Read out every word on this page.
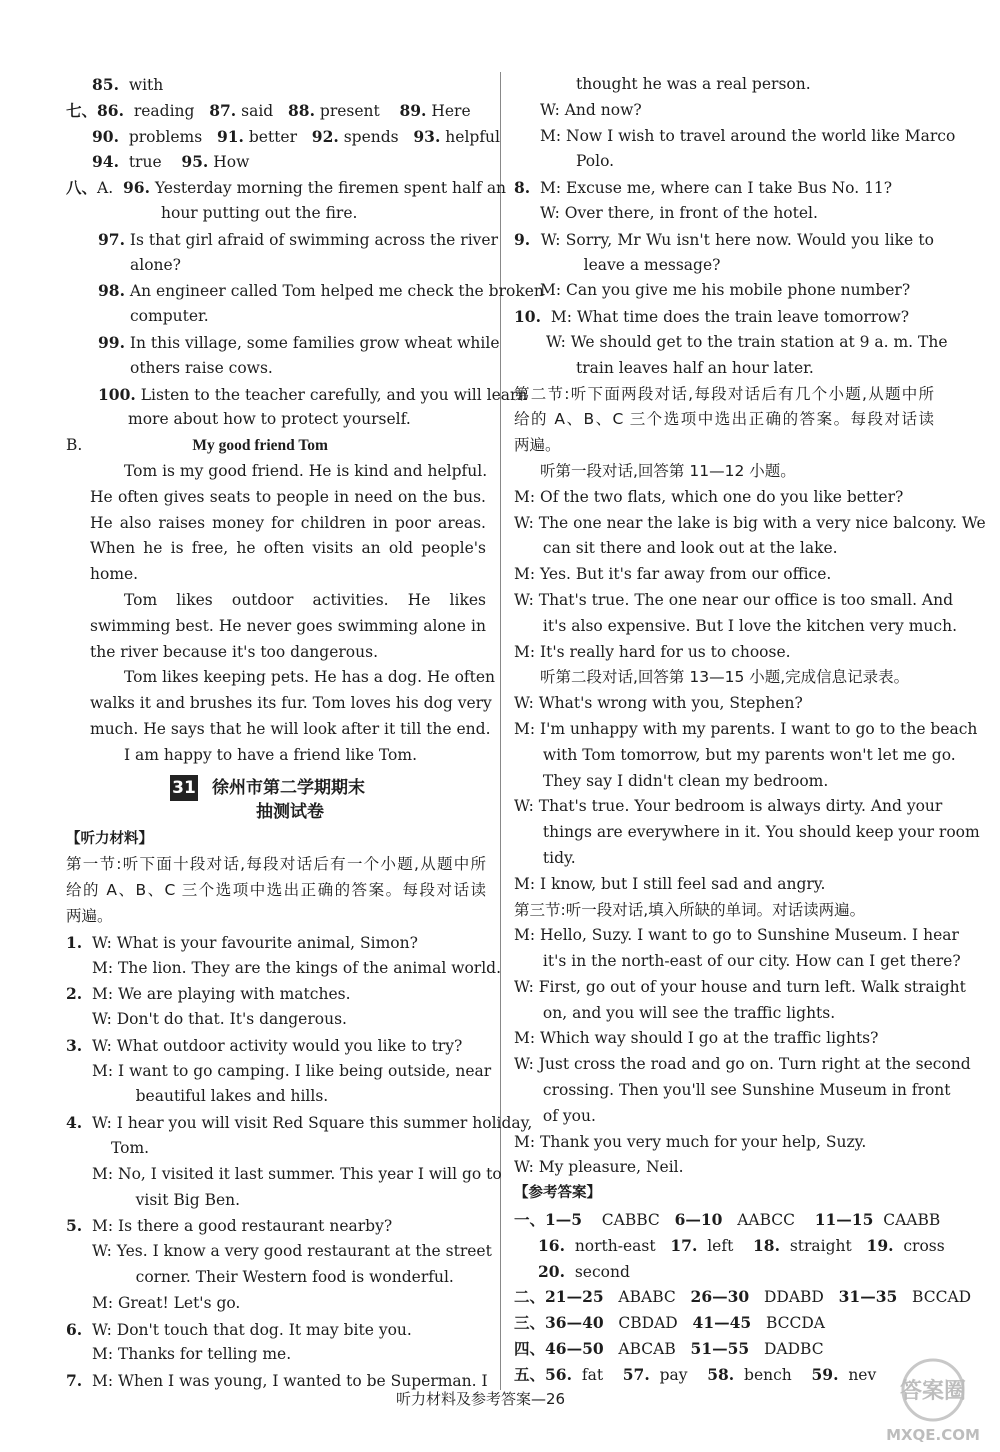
85.  with
七、86.  reading   87. said   88. present    89. Here
90.  problems   91. better   92. spends   93. helpful
94.  true    95. How
八、A.  96. Yesterday morning the firemen spent half an
hour putting out the fire.
97. Is that girl afraid of swimming across the river
alone?
98. An engineer called Tom helped me check the broken
computer.
99. In this village, some families grow wheat while
others raise cows.
100. Listen to the teacher carefully, and you will learn
more about how to protect yourself.
B.	My good friend Tom
Tom is my good friend. He is kind and helpful.
He often gives seats to people in need on the bus.
He also raises money for children in poor areas.
When he is free, he often visits an old people's
home.
Tom likes outdoor activities. He likes
swimming best. He never goes swimming alone in
the river because it's too dangerous.
Tom likes keeping pets. He has a dog. He often
walks it and brushes its fur. Tom loves his dog very
much. He says that he will look after it till the end.
I am happy to have a friend like Tom.
31 徐州市第二学期期末
抽测试卷
【听力材料】
第一节:听下面十段对话,每段对话后有一个小题,从题中所
给的 A、B、C 三个选项中选出正确的答案。每段对话读
两遍。
1.  W: What is your favourite animal, Simon?
M: The lion. They are the kings of the animal world.
2.  M: We are playing with matches.
W: Don't do that. It's dangerous.
3.  W: What outdoor activity would you like to try?
M: I want to go camping. I like being outside, near
beautiful lakes and hills.
4.  W: I hear you will visit Red Square this summer holiday,
Tom.
M: No, I visited it last summer. This year I will go to
visit Big Ben.
5.  M: Is there a good restaurant nearby?
W: Yes. I know a very good restaurant at the street
corner. Their Western food is wonderful.
M: Great! Let's go.
6.  W: Don't touch that dog. It may bite you.
M: Thanks for telling me.
7.  M: When I was young, I wanted to be Superman. I
thought he was a real person.
W: And now?
M: Now I wish to travel around the world like Marco
Polo.
8.  M: Excuse me, where can I take Bus No. 11?
W: Over there, in front of the hotel.
9.  W: Sorry, Mr Wu isn't here now. Would you like to
leave a message?
M: Can you give me his mobile phone number?
10.  M: What time does the train leave tomorrow?
W: We should get to the train station at 9 a. m. The
train leaves half an hour later.
第二节:听下面两段对话,每段对话后有几个小题,从题中所
给的 A、B、C 三个选项中选出正确的答案。每段对话读
两遍。
听第一段对话,回答第 11—12 小题。
M: Of the two flats, which one do you like better?
W: The one near the lake is big with a very nice balcony. We
can sit there and look out at the lake.
M: Yes. But it's far away from our office.
W: That's true. The one near our office is too small. And
it's also expensive. But I love the kitchen very much.
M: It's really hard for us to choose.
听第二段对话,回答第 13—15 小题,完成信息记录表。
W: What's wrong with you, Stephen?
M: I'm unhappy with my parents. I want to go to the beach
with Tom tomorrow, but my parents won't let me go.
They say I didn't clean my bedroom.
W: That's true. Your bedroom is always dirty. And your
things are everywhere in it. You should keep your room
tidy.
M: I know, but I still feel sad and angry.
第三节:听一段对话,填入所缺的单词。对话读两遍。
M: Hello, Suzy. I want to go to Sunshine Museum. I hear
it's in the north-east of our city. How can I get there?
W: First, go out of your house and turn left. Walk straight
on, and you will see the traffic lights.
M: Which way should I go at the traffic lights?
W: Just cross the road and go on. Turn right at the second
crossing. Then you'll see Sunshine Museum in front
of you.
M: Thank you very much for your help, Suzy.
W: My pleasure, Neil.
【参考答案】
一、1—5    CABBC   6—10   AABCC    11—15  CAABB
16.  north-east   17.  left    18.  straight   19.  cross
20.  second
二、21—25   ABABC   26—30   DDABD   31—35   BCCAD
三、36—40   CBDAD   41—45   BCCDA
四、46—50   ABCAB   51—55   DADBC
五、56.  fat    57.  pay    58.  bench    59.  nev
听力材料及参考答案—26	答案圈
MXQE.COM
